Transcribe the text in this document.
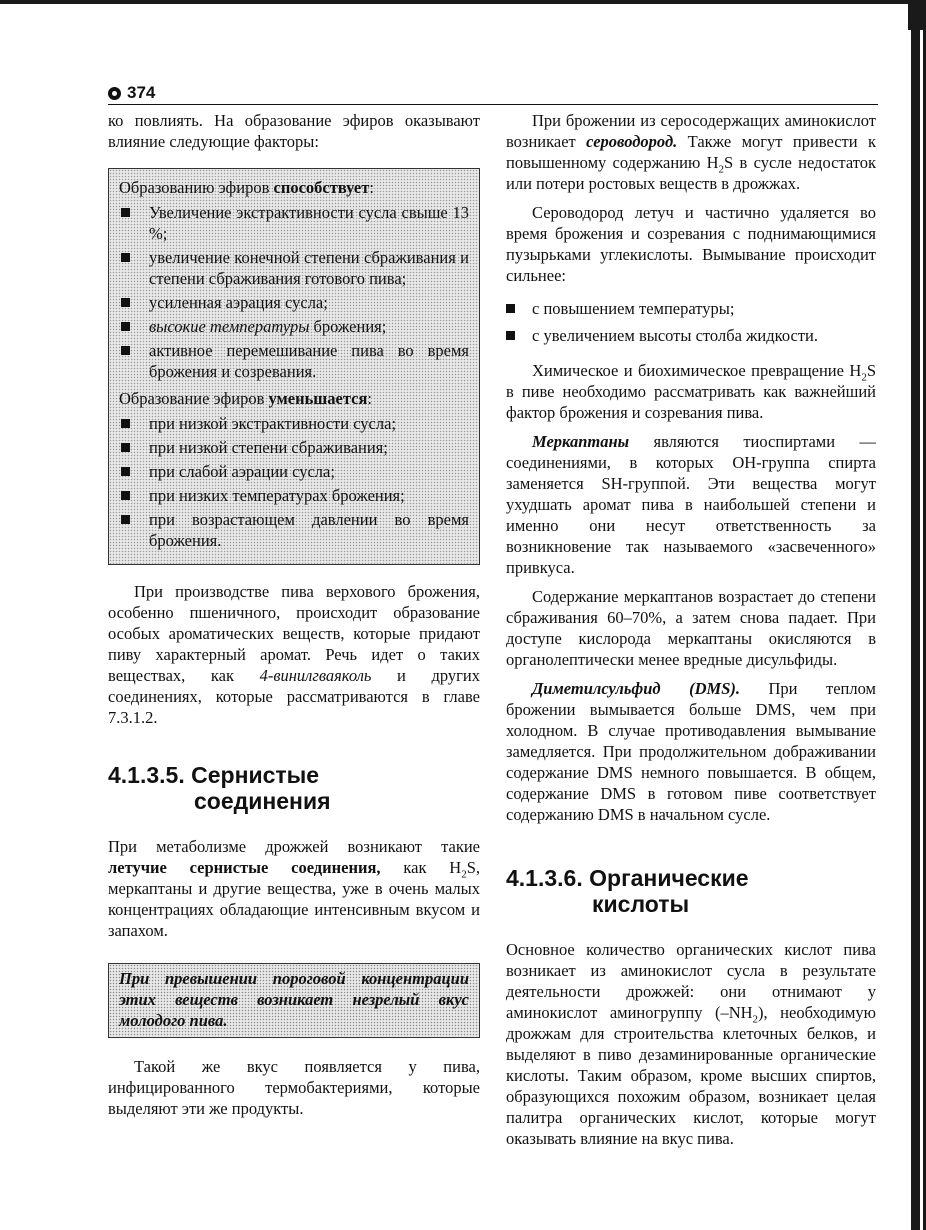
374

ко повлиять. На образование эфиров оказывают влияние следующие факторы:

Образованию эфиров способствует:

Увеличение экстрактивности сусла свыше 13 %;
увеличение конечной степени сбраживания и степени сбраживания готового пива;
усиленная аэрация сусла;
высокие температуры брожения;
активное перемешивание пива во время брожения и созревания.

Образование эфиров уменьшается:

при низкой экстрактивности сусла;
при низкой степени сбраживания;
при слабой аэрации сусла;
при низких температурах брожения;
при возрастающем давлении во время брожения.

При производстве пива верхового брожения, особенно пшеничного, происходит образование особых ароматических веществ, которые придают пиву характерный аромат. Речь идет о таких веществах, как 4-винилгваяколь и других соединениях, которые рассматриваются в главе 7.3.1.2.

4.1.3.5. Сернистые
соединения

При метаболизме дрожжей возникают такие летучие сернистые соединения, как $H_2S$, меркаптаны и другие вещества, уже в очень малых концентрациях обладающие интенсивным вкусом и запахом.

При превышении пороговой концентрации этих веществ возникает незрелый вкус молодого пива.

Такой же вкус появляется у пива, инфицированного термобактериями, которые выделяют эти же продукты.

При брожении из серосодержащих аминокислот возникает сероводород. Также могут привести к повышенному содержанию $H_2S$ в сусле недостаток или потери ростовых веществ в дрожжах.

Сероводород летуч и частично удаляется во время брожения и созревания с поднимающимися пузырьками углекислоты. Вымывание происходит сильнее:

с повышением температуры;
с увеличением высоты столба жидкости.

Химическое и биохимическое превращение $H_2S$ в пиве необходимо рассматривать как важнейший фактор брожения и созревания пива.

Меркаптаны являются тиоспиртами — соединениями, в которых OH-группа спирта заменяется SH-группой. Эти вещества могут ухудшать аромат пива в наибольшей степени и именно они несут ответственность за возникновение так называемого «засвеченного» привкуса.

Содержание меркаптанов возрастает до степени сбраживания 60–70%, а затем снова падает. При доступе кислорода меркаптаны окисляются в органолептически менее вредные дисульфиды.

Диметилсульфид (DMS). При теплом брожении вымывается больше DMS, чем при холодном. В случае противодавления вымывание замедляется. При продолжительном дображивании содержание DMS немного повышается. В общем, содержание DMS в готовом пиве соответствует содержанию DMS в начальном сусле.

4.1.3.6. Органические
кислоты

Основное количество органических кислот пива возникает из аминокислот сусла в результате деятельности дрожжей: они отнимают у аминокислот аминогруппу $(-NH_2)$, необходимую дрожжам для строительства клеточных белков, и выделяют в пиво дезаминированные органические кислоты. Таким образом, кроме высших спиртов, образующихся похожим образом, возникает целая палитра органических кислот, которые могут оказывать влияние на вкус пива.
